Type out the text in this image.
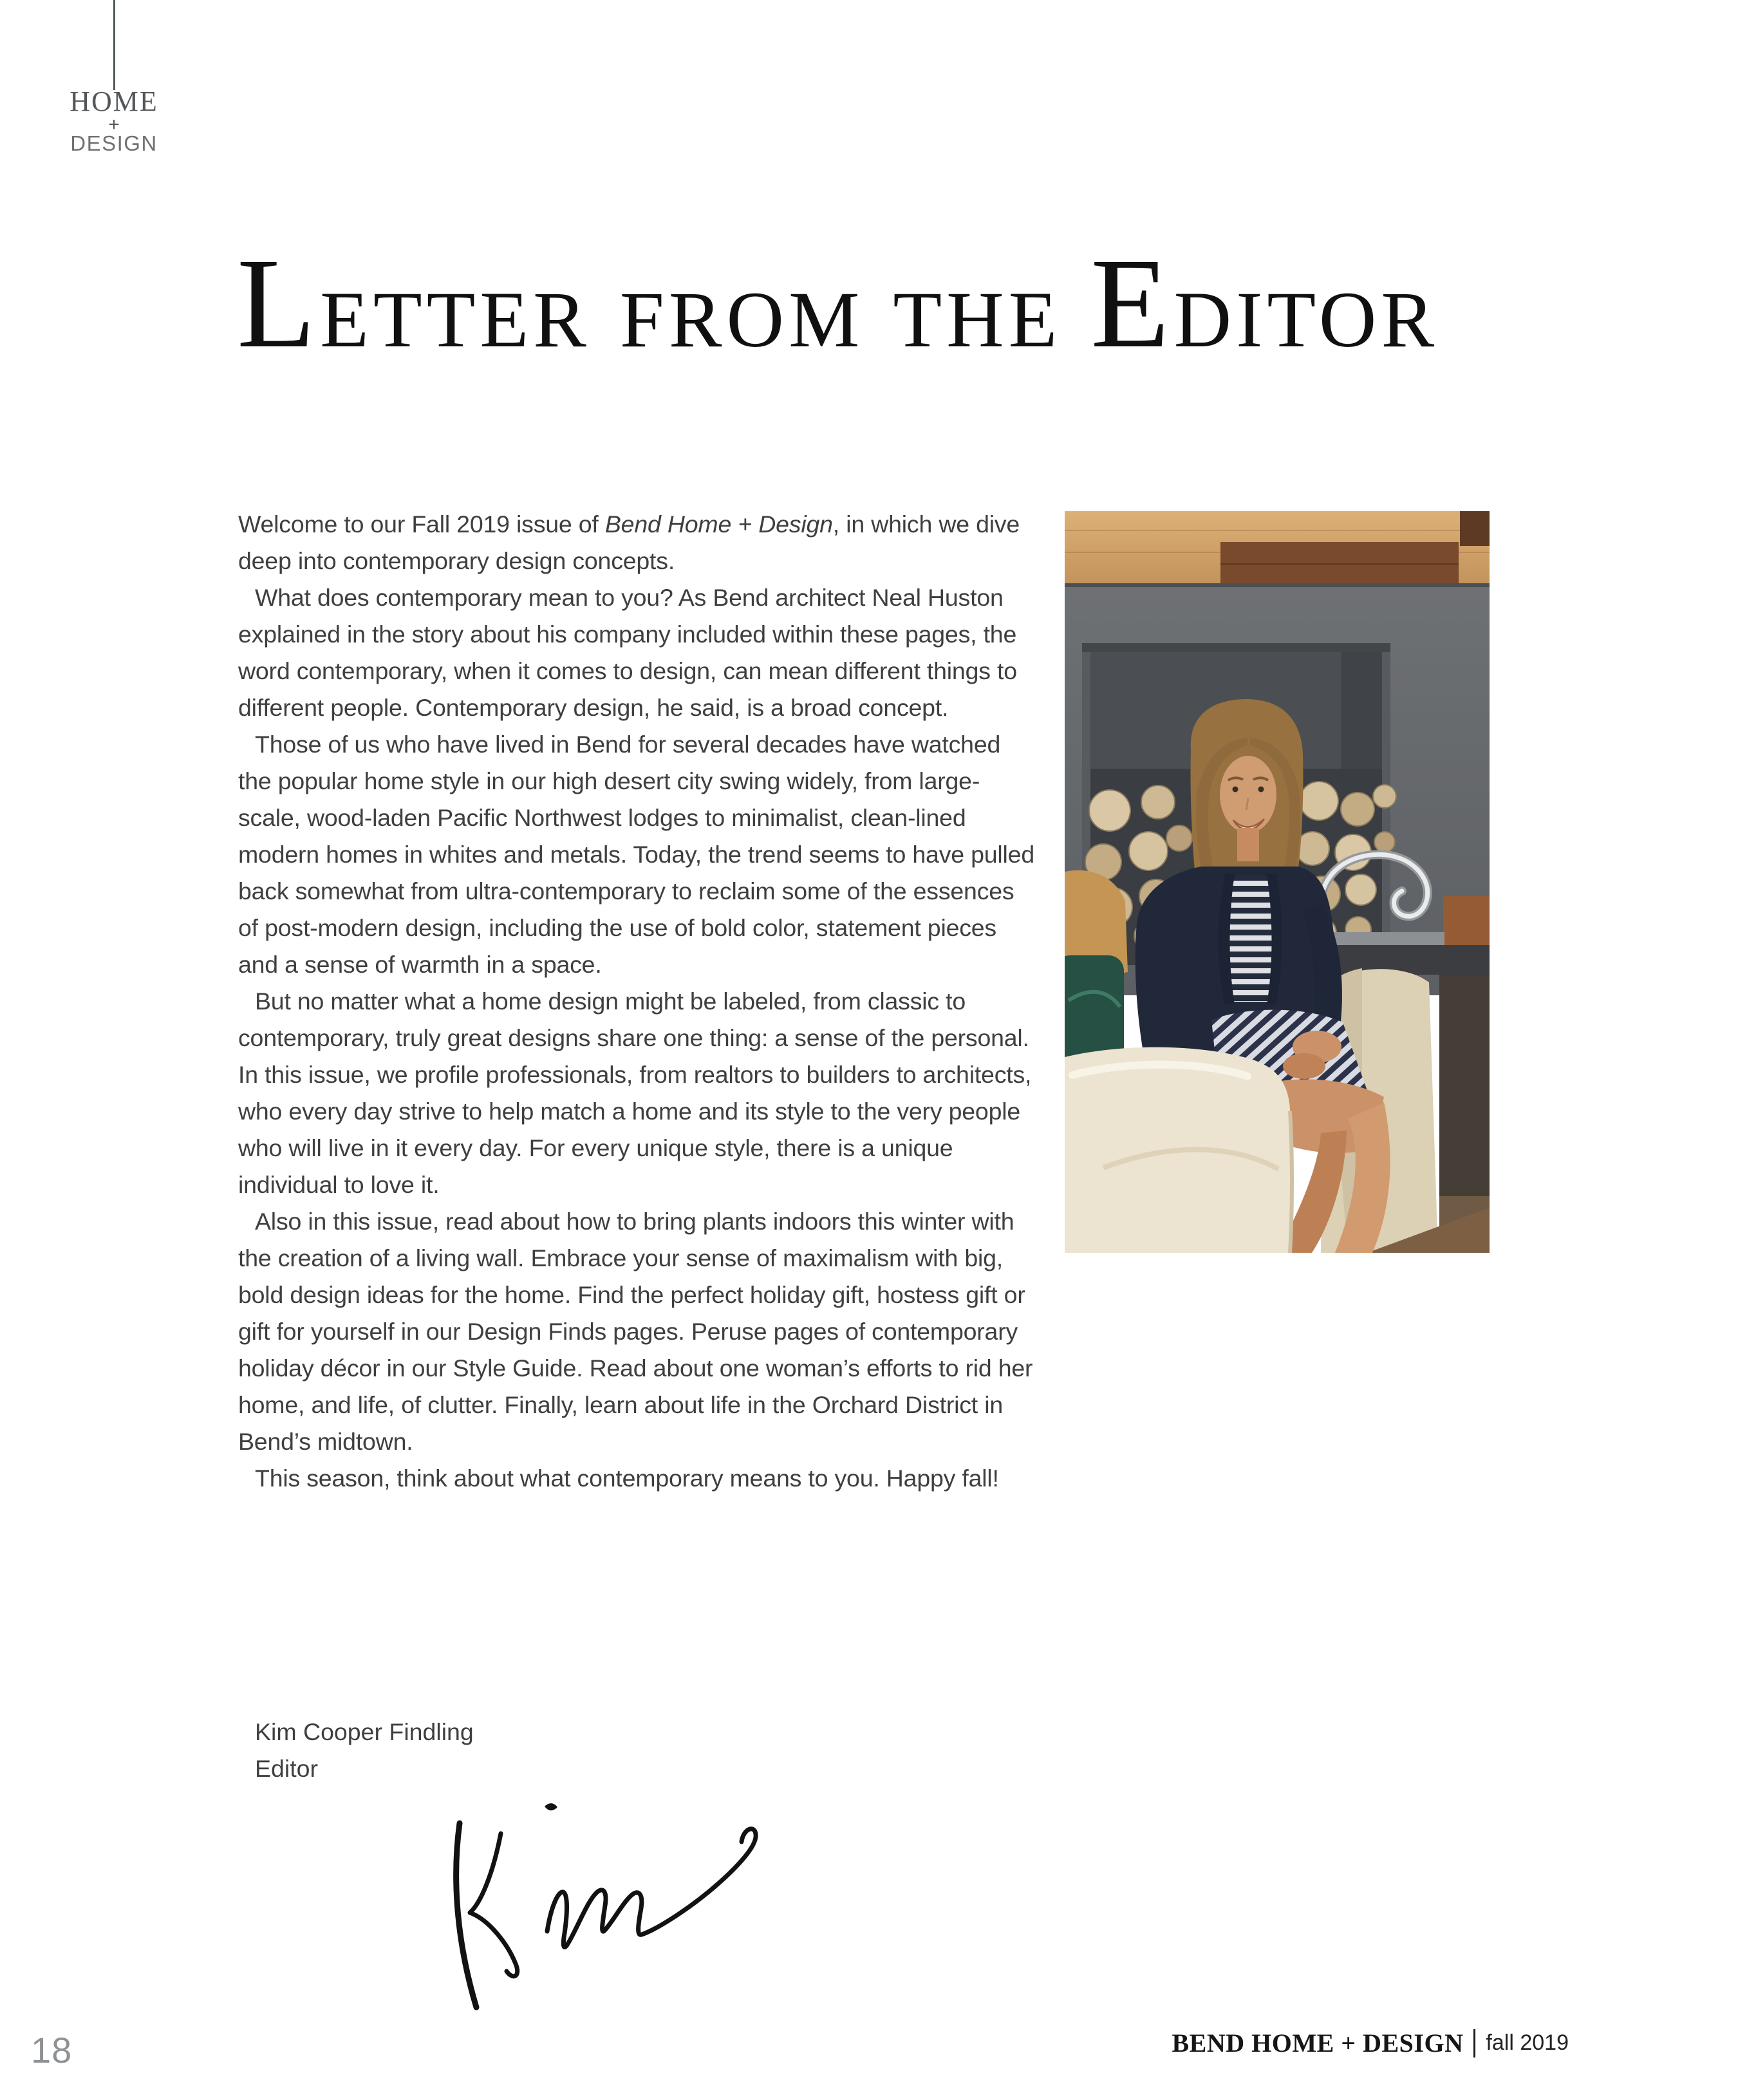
HOME
+
DESIGN
LETTER FROM THE EDITOR

Welcome to our Fall 2019 issue of Bend Home + Design, in which we dive deep into contemporary design concepts.

What does contemporary mean to you? As Bend architect Neal Huston explained in the story about his company included within these pages, the word contemporary, when it comes to design, can mean different things to different people. Contemporary design, he said, is a broad concept.

Those of us who have lived in Bend for several decades have watched the popular home style in our high desert city swing widely, from large-scale, wood-laden Pacific Northwest lodges to minimalist, clean-lined modern homes in whites and metals. Today, the trend seems to have pulled back somewhat from ultra-contemporary to reclaim some of the essences of post-modern design, including the use of bold color, statement pieces and a sense of warmth in a space.

But no matter what a home design might be labeled, from classic to contemporary, truly great designs share one thing: a sense of the personal. In this issue, we profile professionals, from realtors to builders to architects, who every day strive to help match a home and its style to the very people who will live in it every day. For every unique style, there is a unique individual to love it.

Also in this issue, read about how to bring plants indoors this winter with the creation of a living wall. Embrace your sense of maximalism with big, bold design ideas for the home. Find the perfect holiday gift, hostess gift or gift for yourself in our Design Finds pages. Peruse pages of contemporary holiday décor in our Style Guide. Read about one woman’s efforts to rid her home, and life, of clutter. Finally, learn about life in the Orchard District in Bend’s midtown.

This season, think about what contemporary means to you. Happy fall!

Kim Cooper Findling
Editor
18	BEND HOME + DESIGN fall 2019
